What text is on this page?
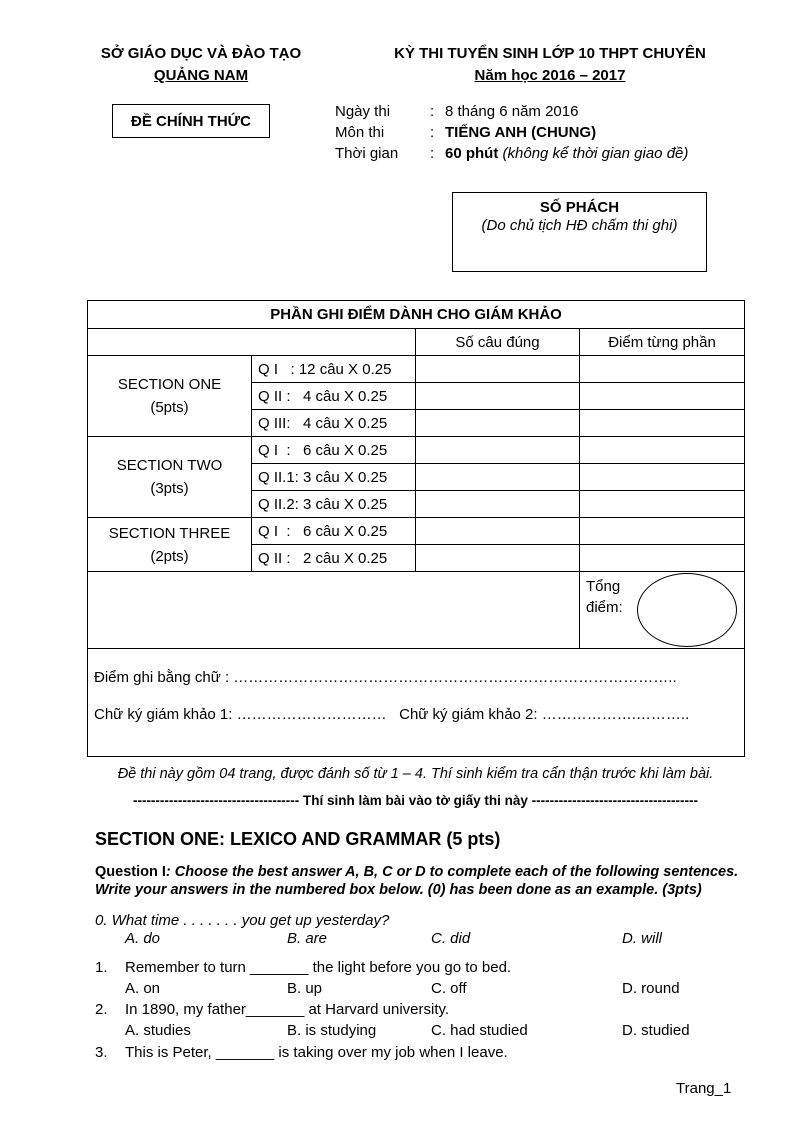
SỞ GIÁO DỤC VÀ ĐÀO TẠO
QUẢNG NAM
KỲ THI TUYỂN SINH LỚP 10 THPT CHUYÊN
Năm học 2016 – 2017
ĐỀ CHÍNH THỨC
Ngày thi	: 8 tháng 6 năm 2016
Môn thi	: TIẾNG ANH (CHUNG)
Thời gian : 60 phút (không kể thời gian giao đề)
SỐ PHÁCH
(Do chủ tịch HĐ chấm thi ghi)
PHẦN GHI ĐIỂM DÀNH CHO GIÁM KHẢO			
		Số câu đúng	Điểm từng phần

SECTION ONE
(5pts)	Q I   : 12 câu X 0.25		
	Q II :   4 câu X 0.25		
	Q III:   4 câu X 0.25		

SECTION TWO
(3pts)	Q I  :   6 câu X 0.25		
	Q II.1: 3 câu X 0.25		
	Q II.2: 3 câu X 0.25		

SECTION THREE
(2pts)	Q I  :   6 câu X 0.25		
	Q II :   2 câu X 0.25		

			Tổng
điểm:

Điểm ghi bằng chữ : ……………………………………………………………………………..
Chữ ký giám khảo 1: ………………………… Chữ ký giám khảo 2: ……………….………..			
Đề thi này gồm 04 trang, được đánh số từ 1 – 4. Thí sinh kiểm tra cẩn thận trước khi làm bài.
------------------------------------- Thí sinh làm bài vào tờ giấy thi này -------------------------------------
SECTION ONE: LEXICO AND GRAMMAR (5 pts)
Question I: Choose the best answer A, B, C or D to complete each of the following sentences.
Write your answers in the numbered box below. (0) has been done as an example. (3pts)
0. What time . . . . . . . you get up yesterday?
A. do	B. are	C. did	D. will
1. Remember to turn _______ the light before you go to bed.
A. on	B. up	C. off	D. round
2. In 1890, my father_______ at Harvard university.
A. studies	B. is studying	C. had studied	D. studied
3. This is Peter, _______ is taking over my job when I leave.
Trang_1
